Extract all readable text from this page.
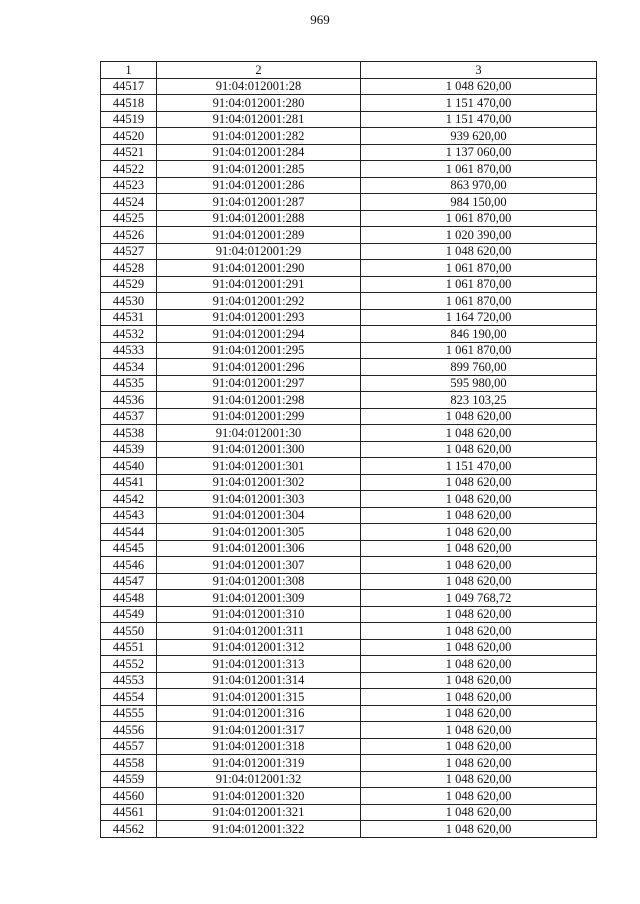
969
1	2	3
44517	91:04:012001:28	1 048 620,00
44518	91:04:012001:280	1 151 470,00
44519	91:04:012001:281	1 151 470,00
44520	91:04:012001:282	939 620,00
44521	91:04:012001:284	1 137 060,00
44522	91:04:012001:285	1 061 870,00
44523	91:04:012001:286	863 970,00
44524	91:04:012001:287	984 150,00
44525	91:04:012001:288	1 061 870,00
44526	91:04:012001:289	1 020 390,00
44527	91:04:012001:29	1 048 620,00
44528	91:04:012001:290	1 061 870,00
44529	91:04:012001:291	1 061 870,00
44530	91:04:012001:292	1 061 870,00
44531	91:04:012001:293	1 164 720,00
44532	91:04:012001:294	846 190,00
44533	91:04:012001:295	1 061 870,00
44534	91:04:012001:296	899 760,00
44535	91:04:012001:297	595 980,00
44536	91:04:012001:298	823 103,25
44537	91:04:012001:299	1 048 620,00
44538	91:04:012001:30	1 048 620,00
44539	91:04:012001:300	1 048 620,00
44540	91:04:012001:301	1 151 470,00
44541	91:04:012001:302	1 048 620,00
44542	91:04:012001:303	1 048 620,00
44543	91:04:012001:304	1 048 620,00
44544	91:04:012001:305	1 048 620,00
44545	91:04:012001:306	1 048 620,00
44546	91:04:012001:307	1 048 620,00
44547	91:04:012001:308	1 048 620,00
44548	91:04:012001:309	1 049 768,72
44549	91:04:012001:310	1 048 620,00
44550	91:04:012001:311	1 048 620,00
44551	91:04:012001:312	1 048 620,00
44552	91:04:012001:313	1 048 620,00
44553	91:04:012001:314	1 048 620,00
44554	91:04:012001:315	1 048 620,00
44555	91:04:012001:316	1 048 620,00
44556	91:04:012001:317	1 048 620,00
44557	91:04:012001:318	1 048 620,00
44558	91:04:012001:319	1 048 620,00
44559	91:04:012001:32	1 048 620,00
44560	91:04:012001:320	1 048 620,00
44561	91:04:012001:321	1 048 620,00
44562	91:04:012001:322	1 048 620,00
